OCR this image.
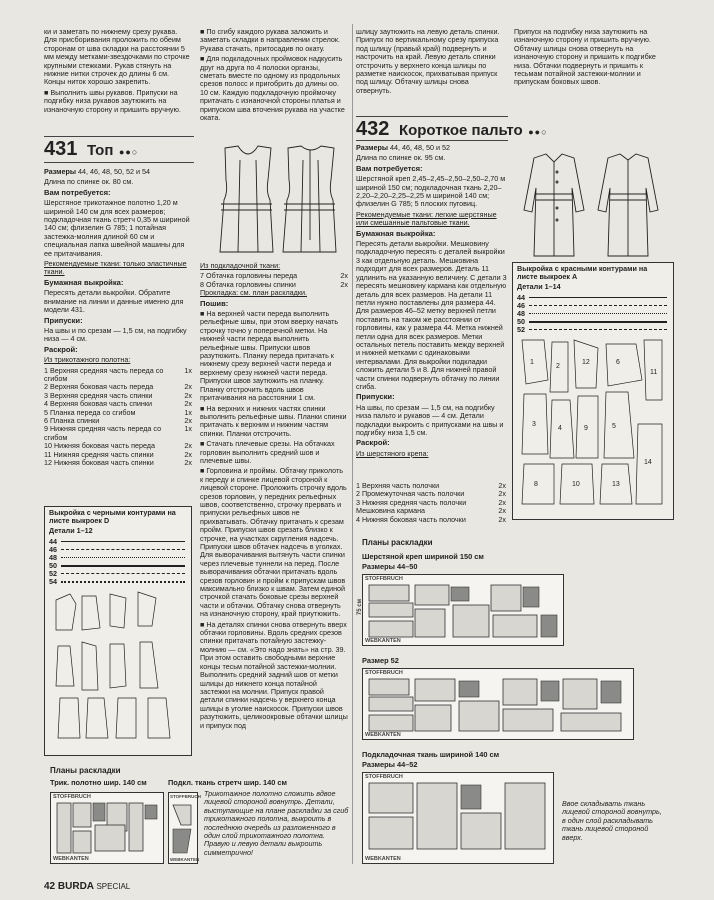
ки и заметать по нижнему срезу рукава. Для присборивания проложить по обеим сторонам от шва складки на расстоянии 5 мм между метками-звездочками по строчке крупными стежками. Рукав стянуть на нижние нитки строчек до длины 6 см. Концы ниток хорошо закрепить.

■ Выполнить швы рукавов. Припуски на подгибку низа рукавов заутюжить на изнаночную сторону и пришить вручную.

■ По сгибу каждого рукава заложить и заметать складки в направлении стрелок. Рукава стачать, притосадив по окату.

■ Для подкладочных проймовок надкусить друг на друга по 4 полоски органзы, сметать вместе по одному из продольных срезов полосс и пригобрить до длины оо. 10 см. Каждую подкладочную проймочку притачать с изнаночной стороны платья и припуском шва вточения рукава на участке оката.

шлицу заутюжить на левую деталь спинки. Припуск по вертикальному срезу припуска под шлицу (правый край) подвернуть и настрочить на край. Левую деталь спинки отстрочить у верхнего конца шлицы по разметке наискосок, прихватывая припуск под шлицу. Обтачку шлицы снова отвернуть.

Припуск на подгибку низа заутюжить на изнаночную сторону и пришить вручную. Обтачку шлицы снова отвернуть на изнаночную сторону и пришить к подгибке низа. Обтачки подвернуть и пришить к тесьмам потайной застежки-молнии и припускам боковых швов.

431 Топ ●●○

Размеры 44, 46, 48, 50, 52 и 54

Длина по спинке ок. 80 см.

Вам потребуется:

Шерстяное трикотажное полотно 1,20 м шириной 140 см для всех размеров; подкладочная ткань стретч 0,35 м шириной 140 см; флизелин G 785; 1 потайная застежка-молния длиной 60 см и специальная лапка швейной машины для ее притачивания.

Рекомендуемые ткани: только эластичные ткани.

Бумажная выкройка:

Пересять детали выкройки. Обратите внимание на линии и данные именно для модели 431.

Припуски:

На швы и по срезам — 1,5 см, на подгибку низа — 4 см.

Раскрой:

Из трикотажного полотна:

1 Верхняя средняя часть переда со сгибом	1x
2 Верхняя боковая часть переда	2x
3 Верхняя средняя часть спинки	2x
4 Верхняя боковая часть спинки	2x
5 Планка переда со сгибом	1x
6 Планка спинки	2x
9 Нижняя средняя часть переда со сгибом	1x
10 Нижняя боковая часть переда	2x
11 Нижняя средняя часть спинки	2x
12 Нижняя боковая часть спинки	2x
Выкройка с черными контурами на листе выкроек D
Детали 1–12
44
46
48
50
52
54

Из подкладочной ткани:

7 Обтачка горловины переда	2x
8 Обтачка горловины спинки	2x

Прокладка: см. план раскладки.

Пошив:

■ На верхней части переда выполнить рельефные швы, при этом вверху начать строчку точно у поперечной метки. На нижней части переда выполнить рельефные швы. Припуски швов разутюжить. Планку переда притачать к нижнему срезу верхней части переда и верхнему срезу нижней части переда. Припуски швов заутюжить на планку. Планку отстрочить вдоль швов притачивания на расстоянии 1 см.

■ На верхних и нижних частях спинки выполнить рельефные швы. Планки спинки притачать к верхним и нижним частям спинки. Планки отстрочить.

■ Стачать плечевые срезы. На обтачках горловин выполнить средний шов и плечевые швы.

■ Горловина и проймы. Обтачку приколоть к переду и спинке лицевой стороной к лицевой стороне. Проложить строчку вдоль срезов горловин, у передних рельефных швов, соответственно, строчку прервать и припуски рельефных швов не прихватывать. Обтачку притачать к срезам пройм. Припуски швов срезать близко к строчке, на участках скругления надсечь. Припуски швов обтачек надсечь в уголках. Для выворачивания вытянуть части спинки через плечевые туннели на перед. После выворачивания обтачки притачать вдоль срезов горловин и пройм к припускам швов максимально близко к швам. Затем единой строчкой стачать боковые срезы верхней части и обтачки. Обтачку снова отвернуть на изнаночную сторону, край приутюжить.

■ На деталях спинки снова отвернуть вверх обтачки горловины. Вдоль средних срезов спинки притачать потайную застежку-молнию — см. «Это надо знать» на стр. 39. При этом оставить свободными верхние концы тесьм потайной застежки-молнии. Выполнить средний задний шов от метки шлицы до нижнего конца потайной застежки на молнии. Припуск правой детали спинки надсечь у верхнего конца шлицы в уголке наискосок. Припуски швов разутюжить, целикоокровые обтачки шлицы и припуск под

Планы раскладки
Трик. полотно шир. 140 см	Подкл. ткань стретч шир. 140 см
STOFFBRUCH
WEBKANTEN
STOFFBRUCH
WEBKANTEN
Трикотажное полотно сложить вдвое лицевой стороной вовнутрь. Детали, выступающие на плане раскладки за сгиб трикотажного полотна, выкроить в последнюю очередь из разложенного в один слой трикотажного полотна. Правую и левую детали выкроить симметрично!
432 Короткое пальто ●●○

Размеры 44, 46, 48, 50 и 52

Длина по спинке ок. 95 см.

Вам потребуется:

Шерстяной креп 2,45–2,45–2,50–2,50–2,70 м шириной 150 см; подкладочная ткань 2,20–2,20–2,20–2,25–2,25 м шириной 140 см; флизелин G 785; 5 плоских пуговиц.

Рекомендуемые ткани: легкие шерстяные или смешанные пальтовые ткани.

Бумажная выкройка:

Пересять детали выкройки. Мешковину подкладочную пересять с деталей выкройки 3 как отдельную деталь. Мешковина подходит для всех размеров. Деталь 11 удлинить на указанную величину. С детали 3 пересять мешковину кармана как отдельную деталь для всех размеров. На детали 11 петли нужно поставлены для размера 44. Для размеров 46–52 метку верхней петли поставить на таком же расстоянии от горловины, как у размера 44. Метка нижней петли одна для всех размеров. Метки остальных петель поставить между верхней и нижней метками с одинаковыми интервалами. Для выкройки подкладки сложить детали 5 и 8. Для нижней правой части спинки подвернуть обтачку по линии сгиба.

Припуски:

На швы, по срезам — 1,5 см, на подгибку низа пальто и рукавов — 4 см. Детали подкладки выкроить с припусками на швы и подгибку низа 1,5 см.

Раскрой:

Из шерстяного крепа:

1 Верхняя часть полочки	2x
2 Промежуточная часть полочки	2x
3 Нижняя средняя часть полочки	2x
Мешковина кармана	2x
4 Нижняя боковая часть полочки	2x
Выкройка с красными контурами на листе выкроек A
Детали 1–14
44
46
48
50
52
1
2
12	6
11
3
4	9	5
8	10	13
14
Планы раскладки
Шерстяной креп шириной 150 см
Размеры 44–50
STOFFBRUCH
WEBKANTEN
75 см
Размер 52
STOFFBRUCH
WEBKANTEN
Подкладочная ткань шириной 140 см
Размеры 44–52
STOFFBRUCH
WEBKANTEN
Ввое складывать ткань лицевой стороной вовнутрь, в один слой раскладывать ткань лицевой стороной вверх.
42 BURDA SPECIAL
